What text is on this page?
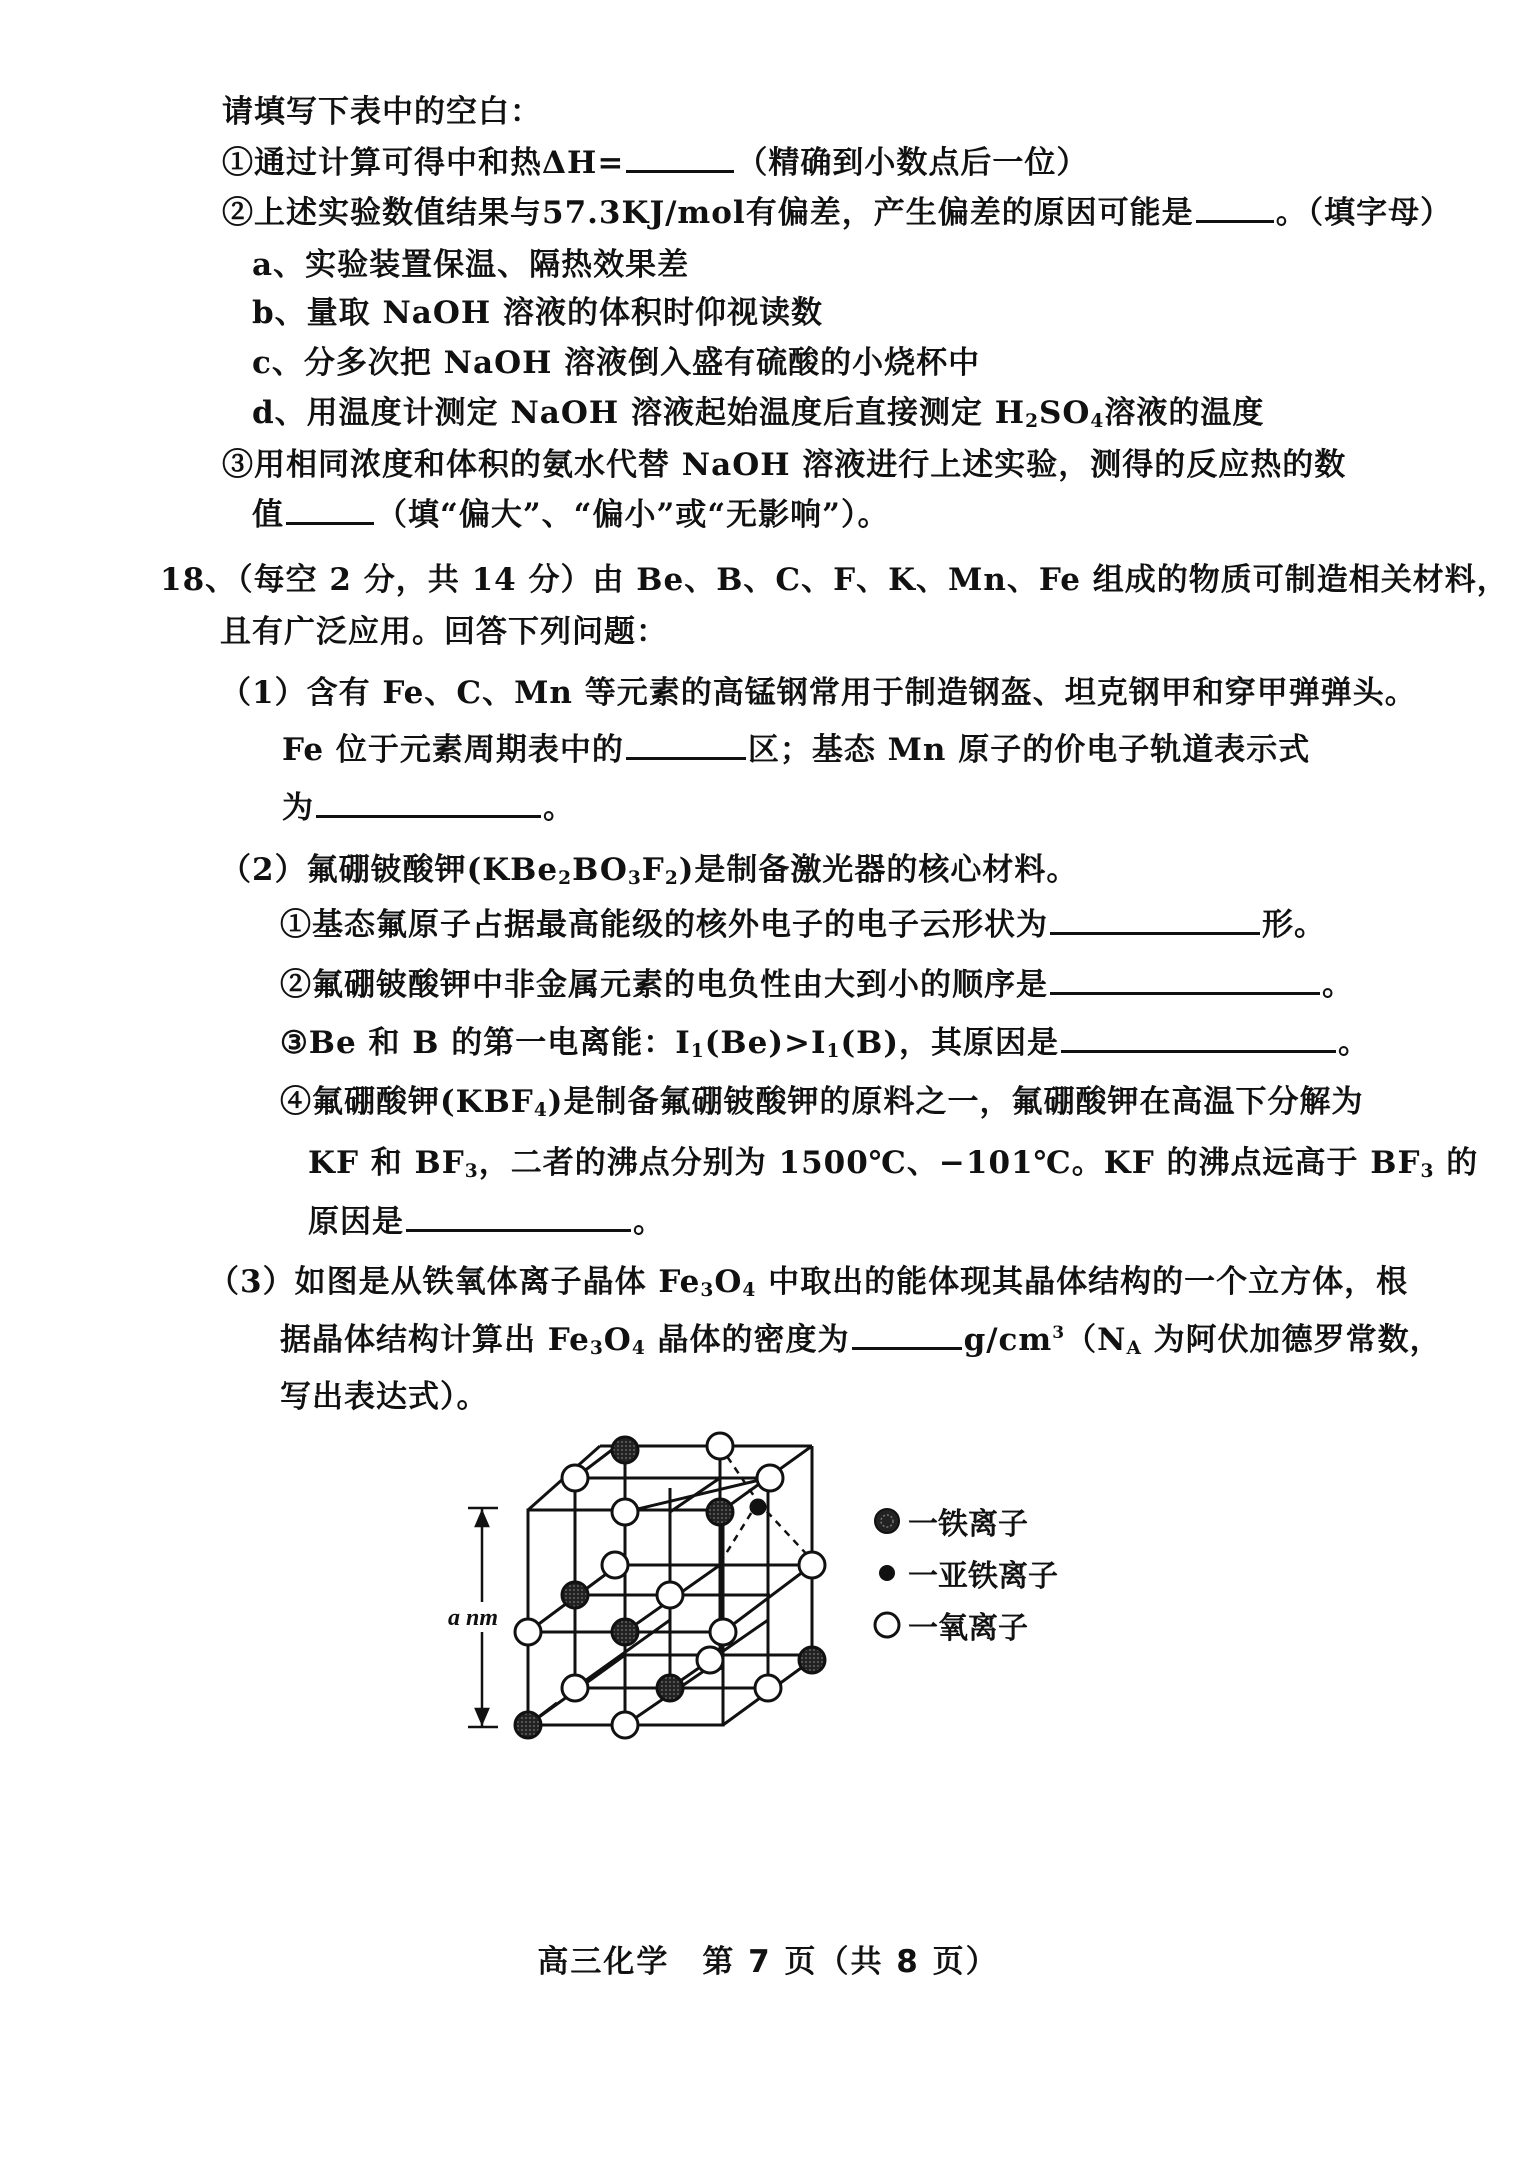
请填写下表中的空白：
①通过计算可得中和热ΔH=	（精确到小数点后一位）
②上述实验数值结果与57.3KJ/mol有偏差，产生偏差的原因可能是	。（填字母）
a、实验装置保温、隔热效果差
b、量取 NaOH 溶液的体积时仰视读数
c、分多次把 NaOH 溶液倒入盛有硫酸的小烧杯中
d、用温度计测定 NaOH 溶液起始温度后直接测定 $H_2SO_4$溶液的温度
③用相同浓度和体积的氨水代替 NaOH 溶液进行上述实验，测得的反应热的数
值	（填“偏大”、“偏小”或“无影响”）。
18、（每空 2 分，共 14 分）由 Be、B、C、F、K、Mn、Fe 组成的物质可制造相关材料，
且有广泛应用。回答下列问题：
（1）含有 Fe、C、Mn 等元素的高锰钢常用于制造钢盔、坦克钢甲和穿甲弹弹头。
Fe 位于元素周期表中的	区；基态 Mn 原子的价电子轨道表示式
为	。
（2）氟硼铍酸钾$(KBe_2BO_3F_2)$是制备激光器的核心材料。
①基态氟原子占据最高能级的核外电子的电子云形状为	形。
②氟硼铍酸钾中非金属元素的电负性由大到小的顺序是	。
③Be 和 B 的第一电离能：$I_1(Be)>I_1(B)$，其原因是	。
④氟硼酸钾$(KBF_4)$是制备氟硼铍酸钾的原料之一，氟硼酸钾在高温下分解为
KF 和 $BF_3$，二者的沸点分别为 1500℃、−101℃。KF 的沸点远高于 $BF_3$ 的
原因是	。
（3）如图是从铁氧体离子晶体 $Fe_3O_4$ 中取出的能体现其晶体结构的一个立方体，根
据晶体结构计算出 $Fe_3O_4$ 晶体的密度为	$g/cm^3(N_A$ 为阿伏加德罗常数，
写出表达式）。
a nm
一铁离子
一亚铁离子
一氧离子
高三化学　第 7 页（共 8 页）
